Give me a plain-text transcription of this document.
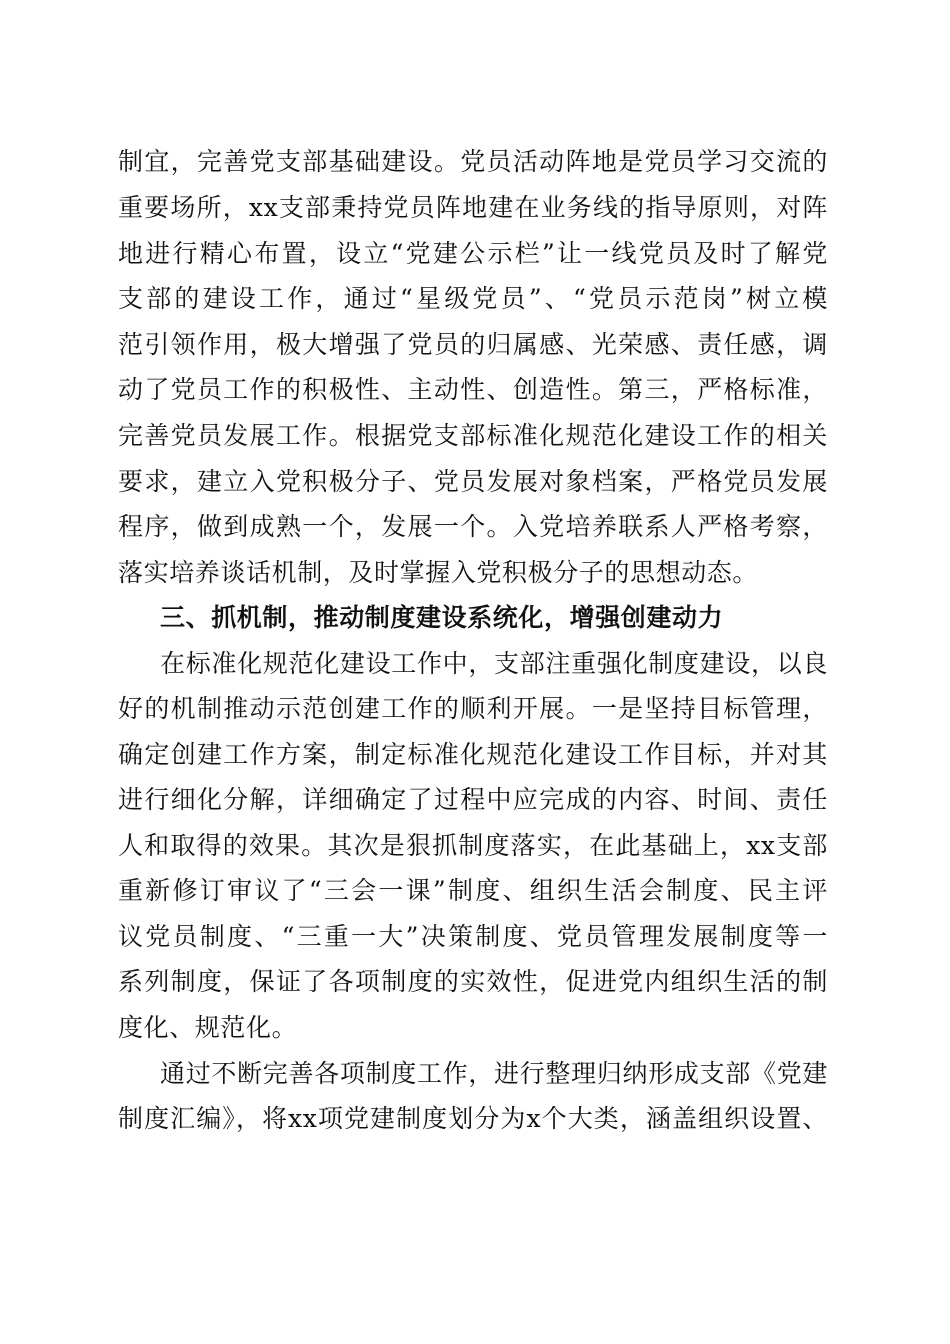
制宜，完善党支部基础建设。党员活动阵地是党员学习交流的
重要场所，xx支部秉持党员阵地建在业务线的指导原则，对阵
地进行精心布置，设立“党建公示栏”让一线党员及时了解党
支部的建设工作，通过“星级党员”、“党员示范岗”树立模
范引领作用，极大增强了党员的归属感、光荣感、责任感，调
动了党员工作的积极性、主动性、创造性。第三，严格标准，
完善党员发展工作。根据党支部标准化规范化建设工作的相关
要求，建立入党积极分子、党员发展对象档案，严格党员发展
程序，做到成熟一个，发展一个。入党培养联系人严格考察，
落实培养谈话机制，及时掌握入党积极分子的思想动态。
三、抓机制，推动制度建设系统化，增强创建动力
在标准化规范化建设工作中，支部注重强化制度建设，以良
好的机制推动示范创建工作的顺利开展。一是坚持目标管理，
确定创建工作方案，制定标准化规范化建设工作目标，并对其
进行细化分解，详细确定了过程中应完成的内容、时间、责任
人和取得的效果。其次是狠抓制度落实，在此基础上，xx支部
重新修订审议了“三会一课”制度、组织生活会制度、民主评
议党员制度、“三重一大”决策制度、党员管理发展制度等一
系列制度，保证了各项制度的实效性，促进党内组织生活的制
度化、规范化。
通过不断完善各项制度工作，进行整理归纳形成支部《党建
制度汇编》，将xx项党建制度划分为x个大类，涵盖组织设置、
